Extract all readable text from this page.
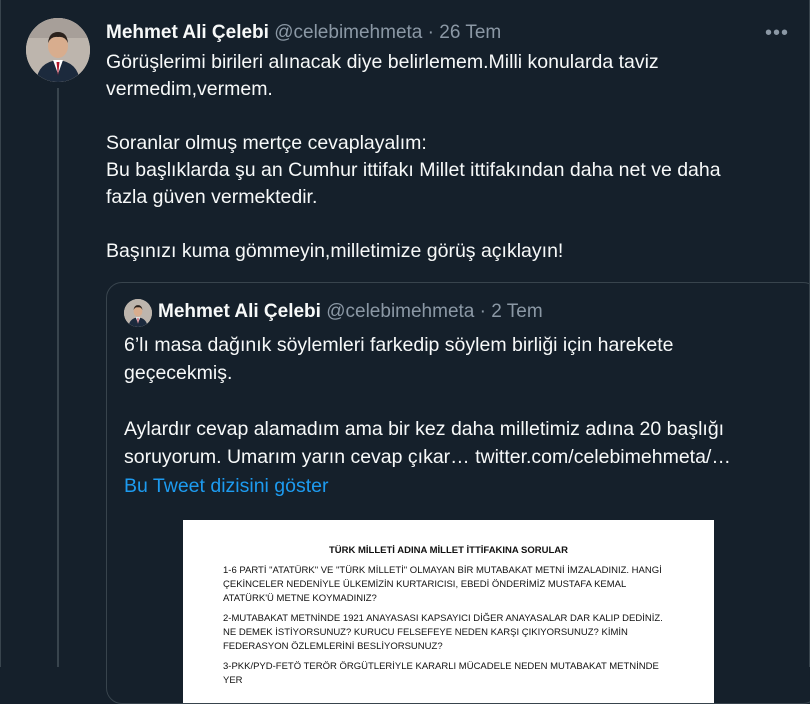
Mehmet Ali Çelebi @celebimehmeta · 26 Tem	•••
Görüşlerimi birileri alınacak diye belirlemem.Milli konularda taviz
vermedim,vermem.

Soranlar olmuş mertçe cevaplayalım:
Bu başlıklarda şu an Cumhur ittifakı Millet ittifakından daha net ve daha
fazla güven vermektedir.

Başınızı kuma gömmeyin,milletimize görüş açıklayın!
Mehmet Ali Çelebi @celebimehmeta · 2 Tem
6’lı masa dağınık söylemleri farkedip söylem birliği için harekete
geçecekmiş.

Aylardır cevap alamadım ama bir kez daha milletimiz adına 20 başlığı
soruyorum. Umarım yarın cevap çıkar… twitter.com/celebimehmeta/…
Bu Tweet dizisini göster
TÜRK MİLLETİ ADINA MİLLET İTTİFAKINA SORULAR
1-6 PARTİ "ATATÜRK" VE "TÜRK MİLLETİ" OLMAYAN BİR MUTABAKAT METNİ İMZALADINIZ. HANGİ ÇEKİNCELER NEDENİYLE ÜLKEMİZİN KURTARICISI, EBEDİ ÖNDERİMİZ MUSTAFA KEMAL ATATÜRK'Ü METNE KOYMADINIZ?
2-MUTABAKAT METNİNDE 1921 ANAYASASI KAPSAYICI DİĞER ANAYASALAR DAR KALIP DEDİNİZ. NE DEMEK İSTİYORSUNUZ? KURUCU FELSEFEYE NEDEN KARŞI ÇIKIYORSUNUZ? KİMİN FEDERASYON ÖZLEMLERİNİ BESLİYORSUNUZ?
3-PKK/PYD-FETÖ TERÖR ÖRGÜTLERİYLE KARARLI MÜCADELE NEDEN MUTABAKAT METNİNDE YER
